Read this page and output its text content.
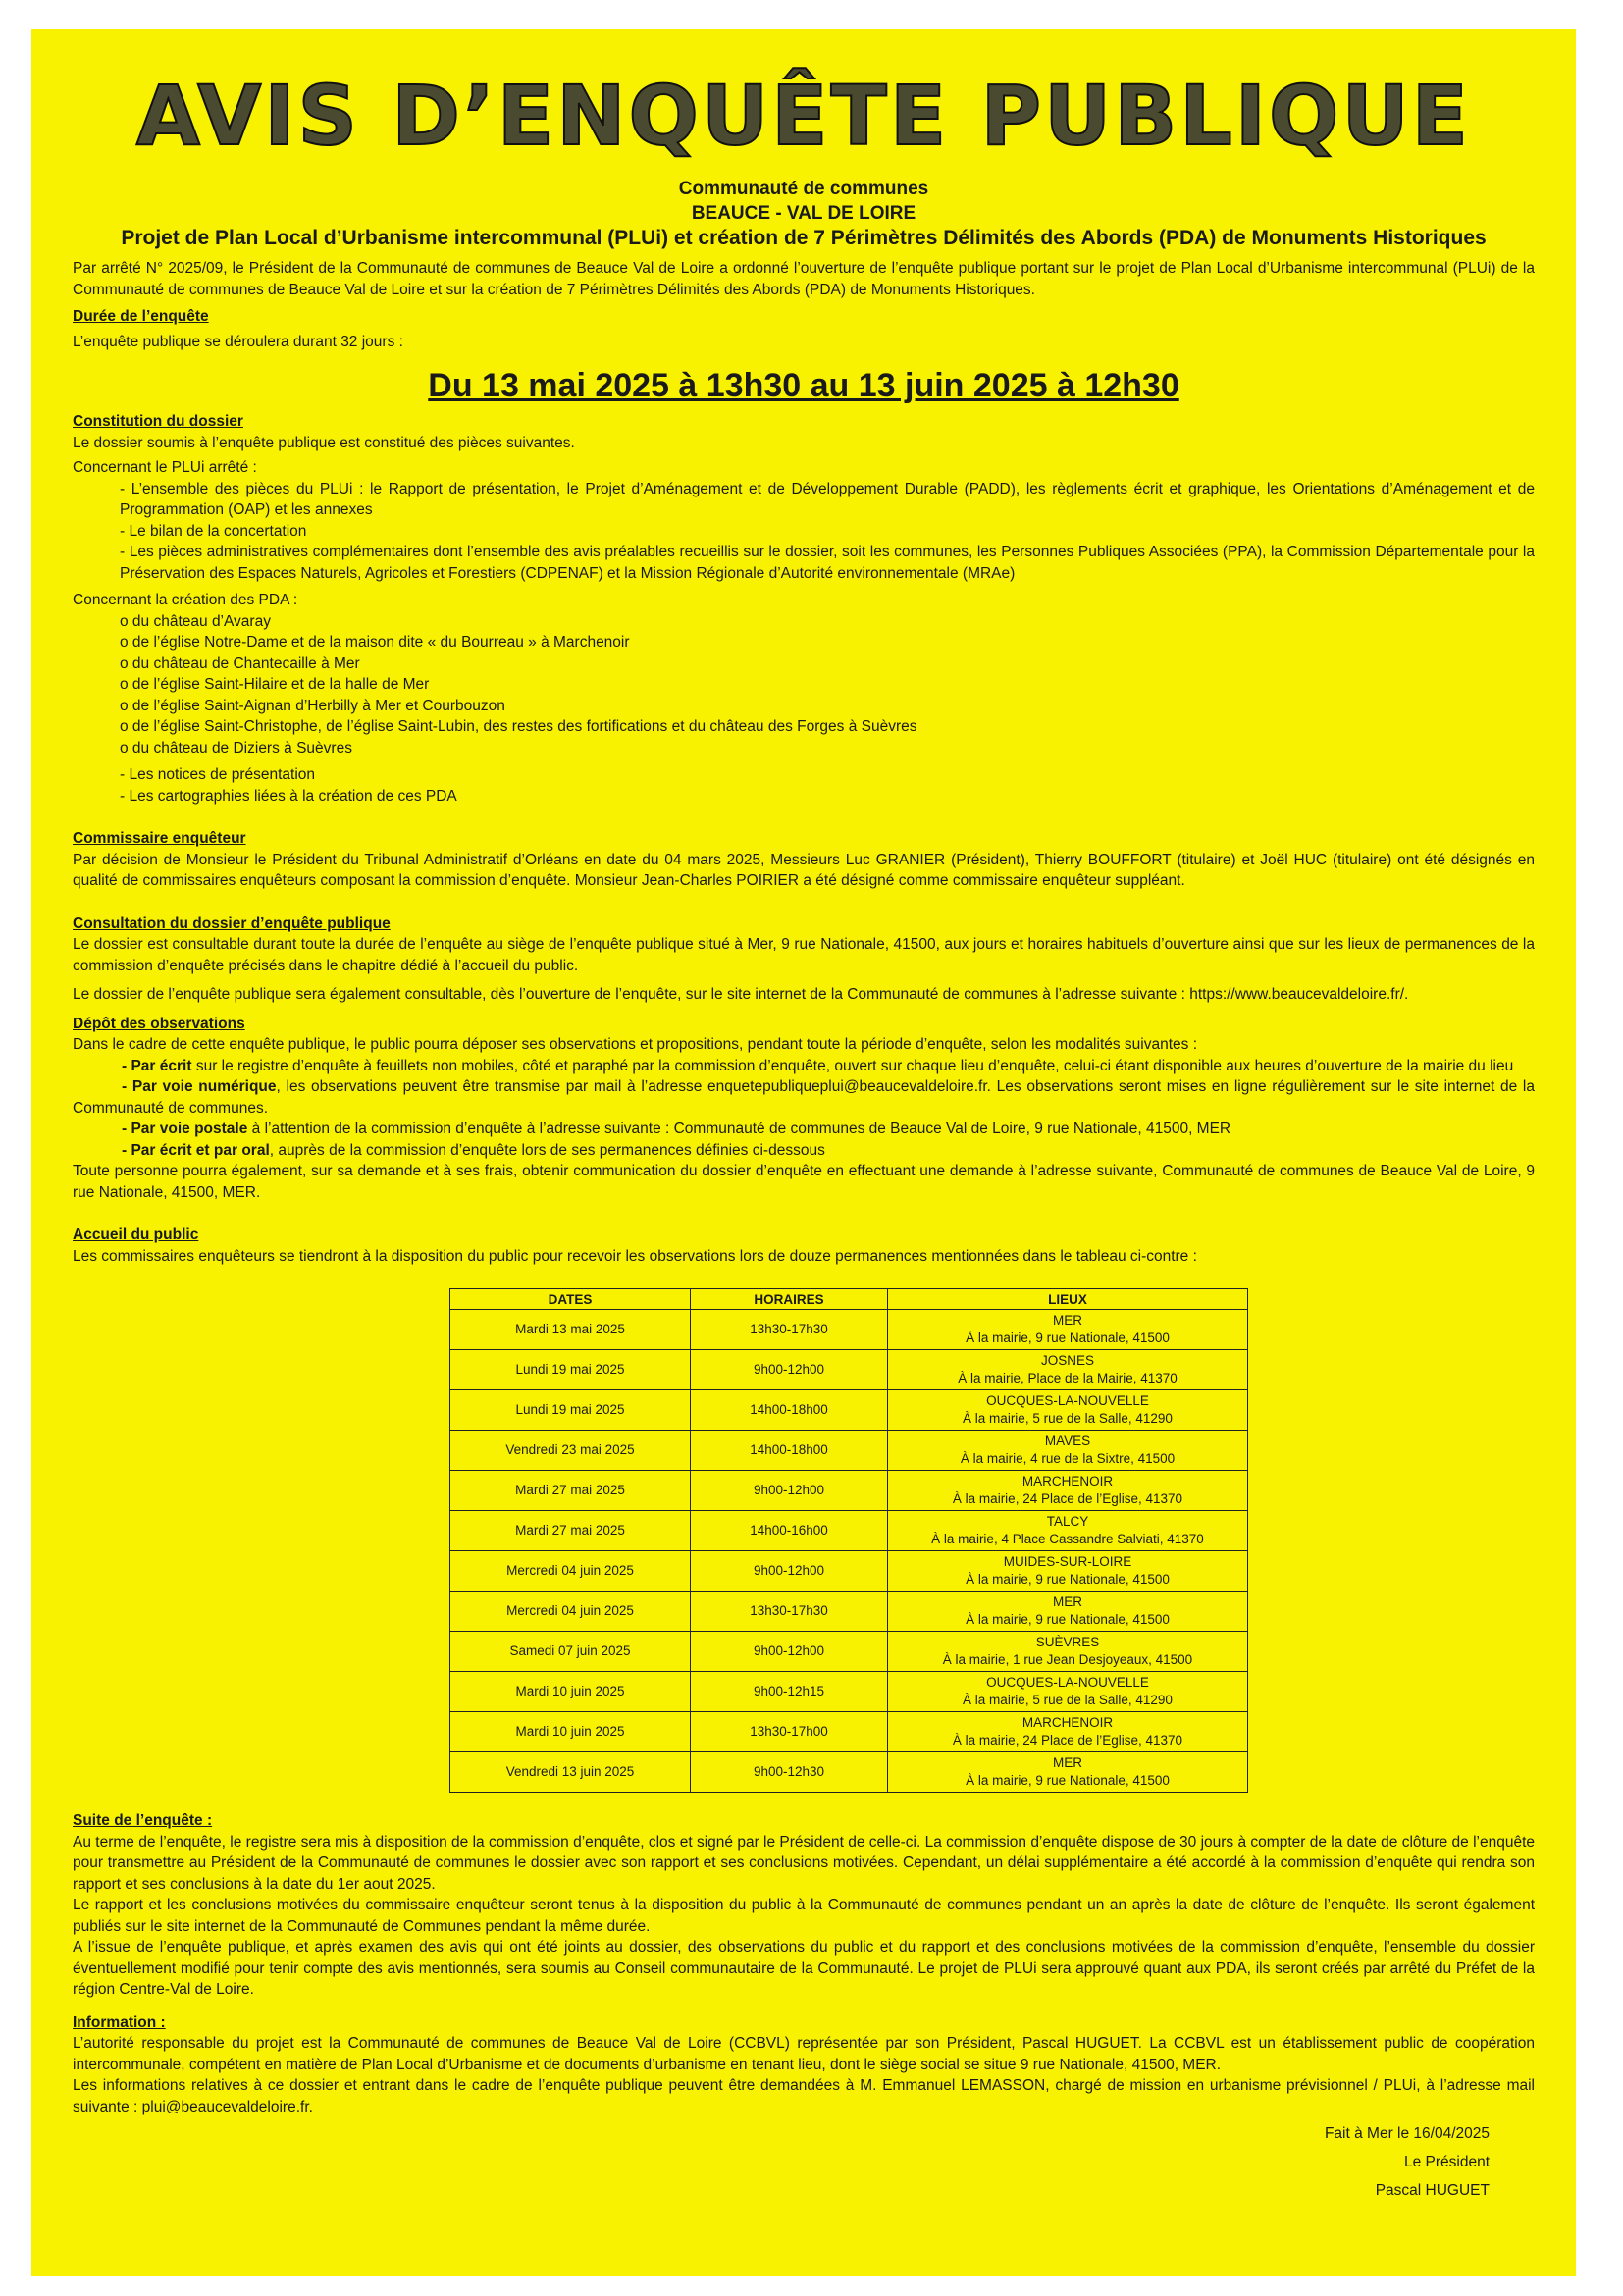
AVIS D’ENQUÊTE PUBLIQUE
Communauté de communes
BEAUCE - VAL DE LOIRE
Projet de Plan Local d’Urbanisme intercommunal (PLUi) et création de 7 Périmètres Délimités des Abords (PDA) de Monuments Historiques

Par arrêté N° 2025/09, le Président de la Communauté de communes de Beauce Val de Loire a ordonné l’ouverture de l’enquête publique portant sur le projet de Plan Local d’Urbanisme intercommunal (PLUi) de la Communauté de communes de Beauce Val de Loire et sur la création de 7 Périmètres Délimités des Abords (PDA) de Monuments Historiques.

Durée de l’enquête

L’enquête publique se déroulera durant 32 jours :

Du 13 mai 2025 à 13h30 au 13 juin 2025 à 12h30
Constitution du dossier

Le dossier soumis à l’enquête publique est constitué des pièces suivantes.

Concernant le PLUi arrêté :

- L’ensemble des pièces du PLUi : le Rapport de présentation, le Projet d’Aménagement et de Développement Durable (PADD), les règlements écrit et graphique, les Orientations d’Aménagement et de Programmation (OAP) et les annexes

- Le bilan de la concertation

- Les pièces administratives complémentaires dont l’ensemble des avis préalables recueillis sur le dossier, soit les communes, les Personnes Publiques Associées (PPA), la Commission Départementale pour la Préservation des Espaces Naturels, Agricoles et Forestiers (CDPENAF) et la Mission Régionale d’Autorité environnementale (MRAe)

Concernant la création des PDA :

o du château d’Avaray

o de l’église Notre-Dame et de la maison dite « du Bourreau » à Marchenoir

o du château de Chantecaille à Mer

o de l’église Saint-Hilaire et de la halle de Mer

o de l’église Saint-Aignan d’Herbilly à Mer et Courbouzon

o de l’église Saint-Christophe, de l’église Saint-Lubin, des restes des fortifications et du château des Forges à Suèvres

o du château de Diziers à Suèvres

- Les notices de présentation

- Les cartographies liées à la création de ces PDA

Commissaire enquêteur

Par décision de Monsieur le Président du Tribunal Administratif d’Orléans en date du 04 mars 2025, Messieurs Luc GRANIER (Président), Thierry BOUFFORT (titulaire) et Joël HUC (titulaire) ont été désignés en qualité de commissaires enquêteurs composant la commission d’enquête. Monsieur Jean-Charles POIRIER a été désigné comme commissaire enquêteur suppléant.

Consultation du dossier d’enquête publique

Le dossier est consultable durant toute la durée de l’enquête au siège de l’enquête publique situé à Mer, 9 rue Nationale, 41500, aux jours et horaires habituels d’ouverture ainsi que sur les lieux de permanences de la commission d’enquête précisés dans le chapitre dédié à l’accueil du public.

Le dossier de l’enquête publique sera également consultable, dès l’ouverture de l’enquête, sur le site internet de la Communauté de communes à l’adresse suivante : https://www.beaucevaldeloire.fr/.

Dépôt des observations

Dans le cadre de cette enquête publique, le public pourra déposer ses observations et propositions, pendant toute la période d’enquête, selon les modalités suivantes :

- Par écrit sur le registre d’enquête à feuillets non mobiles, côté et paraphé par la commission d’enquête, ouvert sur chaque lieu d’enquête, celui-ci étant disponible aux heures d’ouverture de la mairie du lieu

- Par voie numérique, les observations peuvent être transmise par mail à l’adresse enquetepubliqueplui@beaucevaldeloire.fr. Les observations seront mises en ligne régulièrement sur le site internet de la Communauté de communes.

- Par voie postale à l’attention de la commission d’enquête à l’adresse suivante : Communauté de communes de Beauce Val de Loire, 9 rue Nationale, 41500, MER

- Par écrit et par oral, auprès de la commission d’enquête lors de ses permanences définies ci-dessous

Toute personne pourra également, sur sa demande et à ses frais, obtenir communication du dossier d’enquête en effectuant une demande à l’adresse suivante, Communauté de communes de Beauce Val de Loire, 9 rue Nationale, 41500, MER.

Accueil du public

Les commissaires enquêteurs se tiendront à la disposition du public pour recevoir les observations lors de douze permanences mentionnées dans le tableau ci-contre :

DATES	HORAIRES	LIEUX
Mardi 13 mai 2025	13h30-17h30	MER
À la mairie, 9 rue Nationale, 41500

Lundi 19 mai 2025	9h00-12h00	JOSNES
À la mairie, Place de la Mairie, 41370

Lundi 19 mai 2025	14h00-18h00	OUCQUES-LA-NOUVELLE
À la mairie, 5 rue de la Salle, 41290

Vendredi 23 mai 2025	14h00-18h00	MAVES
À la mairie, 4 rue de la Sixtre, 41500

Mardi 27 mai 2025	9h00-12h00	MARCHENOIR
À la mairie, 24 Place de l’Eglise, 41370

Mardi 27 mai 2025	14h00-16h00	TALCY
À la mairie, 4 Place Cassandre Salviati, 41370

Mercredi 04 juin 2025	9h00-12h00	MUIDES-SUR-LOIRE
À la mairie, 9 rue Nationale, 41500

Mercredi 04 juin 2025	13h30-17h30	MER
À la mairie, 9 rue Nationale, 41500

Samedi 07 juin 2025	9h00-12h00	SUÈVRES
À la mairie, 1 rue Jean Desjoyeaux, 41500

Mardi 10 juin 2025	9h00-12h15	OUCQUES-LA-NOUVELLE
À la mairie, 5 rue de la Salle, 41290

Mardi 10 juin 2025	13h30-17h00	MARCHENOIR
À la mairie, 24 Place de l’Eglise, 41370

Vendredi 13 juin 2025	9h00-12h30	MER
À la mairie, 9 rue Nationale, 41500
Suite de l’enquête :

Au terme de l’enquête, le registre sera mis à disposition de la commission d’enquête, clos et signé par le Président de celle-ci. La commission d’enquête dispose de 30 jours à compter de la date de clôture de l’enquête pour transmettre au Président de la Communauté de communes le dossier avec son rapport et ses conclusions motivées. Cependant, un délai supplémentaire a été accordé à la commission d’enquête qui rendra son rapport et ses conclusions à la date du 1er aout 2025.

Le rapport et les conclusions motivées du commissaire enquêteur seront tenus à la disposition du public à la Communauté de communes pendant un an après la date de clôture de l’enquête. Ils seront également publiés sur le site internet de la Communauté de Communes pendant la même durée.

A l’issue de l’enquête publique, et après examen des avis qui ont été joints au dossier, des observations du public et du rapport et des conclusions motivées de la commission d’enquête, l’ensemble du dossier éventuellement modifié pour tenir compte des avis mentionnés, sera soumis au Conseil communautaire de la Communauté. Le projet de PLUi sera approuvé quant aux PDA, ils seront créés par arrêté du Préfet de la région Centre-Val de Loire.

Information :

L’autorité responsable du projet est la Communauté de communes de Beauce Val de Loire (CCBVL) représentée par son Président, Pascal HUGUET. La CCBVL est un établissement public de coopération intercommunale, compétent en matière de Plan Local d’Urbanisme et de documents d’urbanisme en tenant lieu, dont le siège social se situe 9 rue Nationale, 41500, MER.

Les informations relatives à ce dossier et entrant dans le cadre de l’enquête publique peuvent être demandées à M. Emmanuel LEMASSON, chargé de mission en urbanisme prévisionnel / PLUi, à l’adresse mail suivante : plui@beaucevaldeloire.fr.

Fait à Mer le 16/04/2025
Le Président
Pascal HUGUET
